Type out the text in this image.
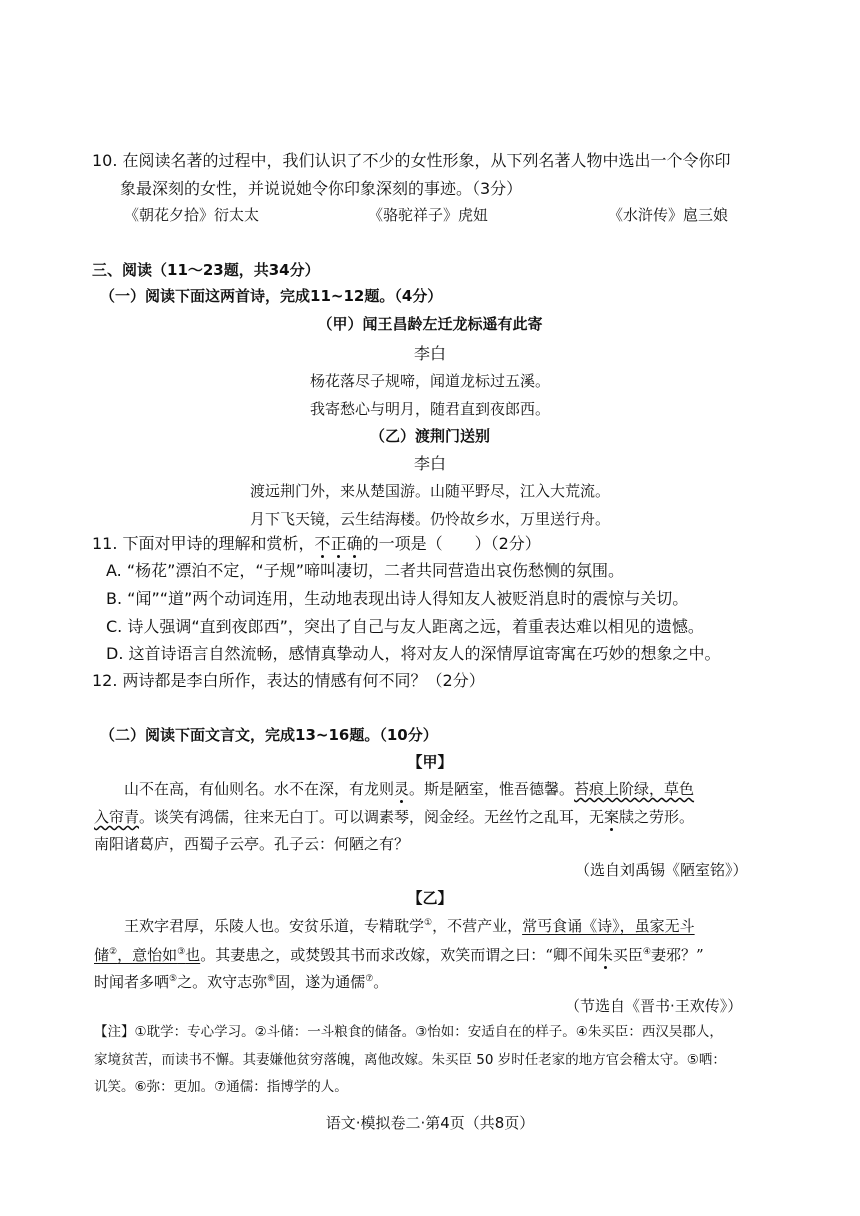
10. 在阅读名著的过程中，我们认识了不少的女性形象，从下列名著人物中选出一个令你印
象最深刻的女性，并说说她令你印象深刻的事迹。（3分）
《朝花夕拾》衍太太	《骆驼祥子》虎妞	《水浒传》扈三娘
三、阅读（11～23题，共34分）
（一）阅读下面这两首诗，完成11~12题。（4分）
（甲）闻王昌龄左迁龙标遥有此寄
李白
杨花落尽子规啼，闻道龙标过五溪。
我寄愁心与明月，随君直到夜郎西。
（乙）渡荆门送别
李白
渡远荆门外，来从楚国游。山随平野尽，江入大荒流。
月下飞天镜，云生结海楼。仍怜故乡水，万里送行舟。
11. 下面对甲诗的理解和赏析，不正确的一项是（　　）（2分）
A. “杨花”漂泊不定，“子规”啼叫凄切，二者共同营造出哀伤愁恻的氛围。
B. “闻”“道”两个动词连用，生动地表现出诗人得知友人被贬消息时的震惊与关切。
C. 诗人强调“直到夜郎西”，突出了自己与友人距离之远，着重表达难以相见的遗憾。
D. 这首诗语言自然流畅，感情真挚动人，将对友人的深情厚谊寄寓在巧妙的想象之中。
12. 两诗都是李白所作，表达的情感有何不同？（2分）
（二）阅读下面文言文，完成13~16题。（10分）
【甲】
山不在高，有仙则名。水不在深，有龙则灵。斯是陋室，惟吾德馨。苔痕上阶绿，草色
入帘青。谈笑有鸿儒，往来无白丁。可以调素琴，阅金经。无丝竹之乱耳，无案牍之劳形。
南阳诸葛庐，西蜀子云亭。孔子云：何陋之有？
（选自刘禹锡《陋室铭》）
【乙】
王欢字君厚，乐陵人也。安贫乐道，专精耽学①，不营产业，常丐食诵《诗》，虽家无斗
储②，意怡如③也。其妻患之，或焚毁其书而求改嫁，欢笑而谓之曰：“卿不闻朱买臣④妻邪？”
时闻者多哂⑤之。欢守志弥⑥固，遂为通儒⑦。
（节选自《晋书·王欢传》）
【注】①耽学：专心学习。②斗储：一斗粮食的储备。③怡如：安适自在的样子。④朱买臣：西汉吴郡人，
家境贫苦，而读书不懈。其妻嫌他贫穷落魄，离他改嫁。朱买臣 50 岁时任老家的地方官会稽太守。⑤哂：
讥笑。⑥弥：更加。⑦通儒：指博学的人。
语文·模拟卷二·第4页（共8页）
